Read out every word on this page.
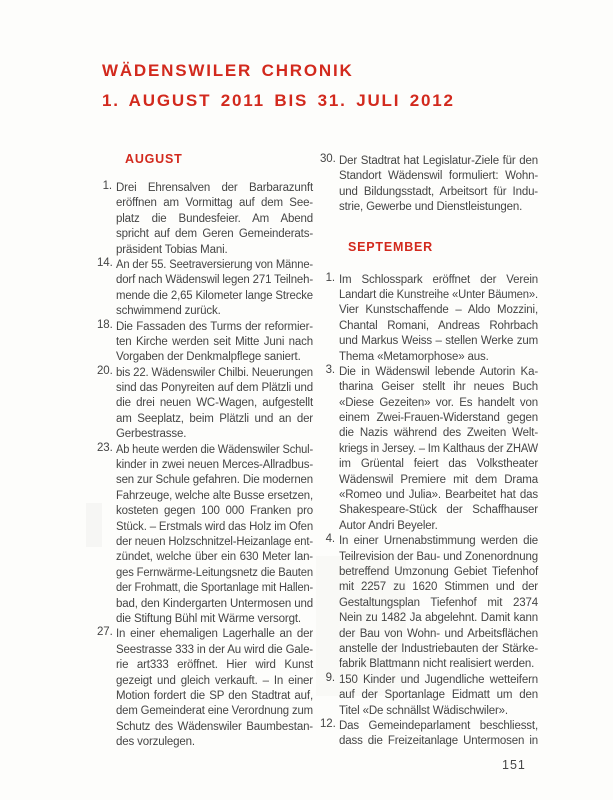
WÄDENSWILER CHRONIK
1. AUGUST 2011 BIS 31. JULI 2012
AUGUST
1. Drei Ehrensalven der Barbarazunft
eröffnen am Vormittag auf dem See-
platz die Bundesfeier. Am Abend
spricht auf dem Geren Gemeinderats-
präsident Tobias Mani.
14. An der 55. Seetraversierung von Männe-
dorf nach Wädenswil legen 271 Teilneh-
mende die 2,65 Kilometer lange Strecke
schwimmend zurück.
18. Die Fassaden des Turms der reformier-
ten Kirche werden seit Mitte Juni nach
Vorgaben der Denkmalpflege saniert.
20. bis 22. Wädenswiler Chilbi. Neuerungen
sind das Ponyreiten auf dem Plätzli und
die drei neuen WC-Wagen, aufgestellt
am Seeplatz, beim Plätzli und an der
Gerbestrasse.
23. Ab heute werden die Wädenswiler Schul-
kinder in zwei neuen Merces-Allradbus-
sen zur Schule gefahren. Die modernen
Fahrzeuge, welche alte Busse ersetzen,
kosteten gegen 100 000 Franken pro
Stück. – Erstmals wird das Holz im Ofen
der neuen Holzschnitzel-Heizanlage ent-
zündet, welche über ein 630 Meter lan-
ges Fernwärme-Leitungsnetz die Bauten
der Frohmatt, die Sportanlage mit Hallen-
bad, den Kindergarten Untermosen und
die Stiftung Bühl mit Wärme versorgt.
27. In einer ehemaligen Lagerhalle an der
Seestrasse 333 in der Au wird die Gale-
rie art333 eröffnet. Hier wird Kunst
gezeigt und gleich verkauft. – In einer
Motion fordert die SP den Stadtrat auf,
dem Gemeinderat eine Verordnung zum
Schutz des Wädenswiler Baumbestan-
des vorzulegen.
30. Der Stadtrat hat Legislatur-Ziele für den
Standort Wädenswil formuliert: Wohn-
und Bildungsstadt, Arbeitsort für Indu-
strie, Gewerbe und Dienstleistungen.
SEPTEMBER
1. Im Schlosspark eröffnet der Verein
Landart die Kunstreihe «Unter Bäumen».
Vier Kunstschaffende – Aldo Mozzini,
Chantal Romani, Andreas Rohrbach
und Markus Weiss – stellen Werke zum
Thema «Metamorphose» aus.
3. Die in Wädenswil lebende Autorin Ka-
tharina Geiser stellt ihr neues Buch
«Diese Gezeiten» vor. Es handelt von
einem Zwei-Frauen-Widerstand gegen
die Nazis während des Zweiten Welt-
kriegs in Jersey. – Im Kalthaus der ZHAW
im Grüental feiert das Volkstheater
Wädenswil Premiere mit dem Drama
«Romeo und Julia». Bearbeitet hat das
Shakespeare-Stück der Schaffhauser
Autor Andri Beyeler.
4. In einer Urnenabstimmung werden die
Teilrevision der Bau- und Zonenordnung
betreffend Umzonung Gebiet Tiefenhof
mit 2257 zu 1620 Stimmen und der
Gestaltungsplan Tiefenhof mit 2374
Nein zu 1482 Ja abgelehnt. Damit kann
der Bau von Wohn- und Arbeitsflächen
anstelle der Industriebauten der Stärke-
fabrik Blattmann nicht realisiert werden.
9. 150 Kinder und Jugendliche wetteifern
auf der Sportanlage Eidmatt um den
Titel «De schnällst Wädischwiler».
12. Das Gemeindeparlament beschliesst,
dass die Freizeitanlage Untermosen in
151
